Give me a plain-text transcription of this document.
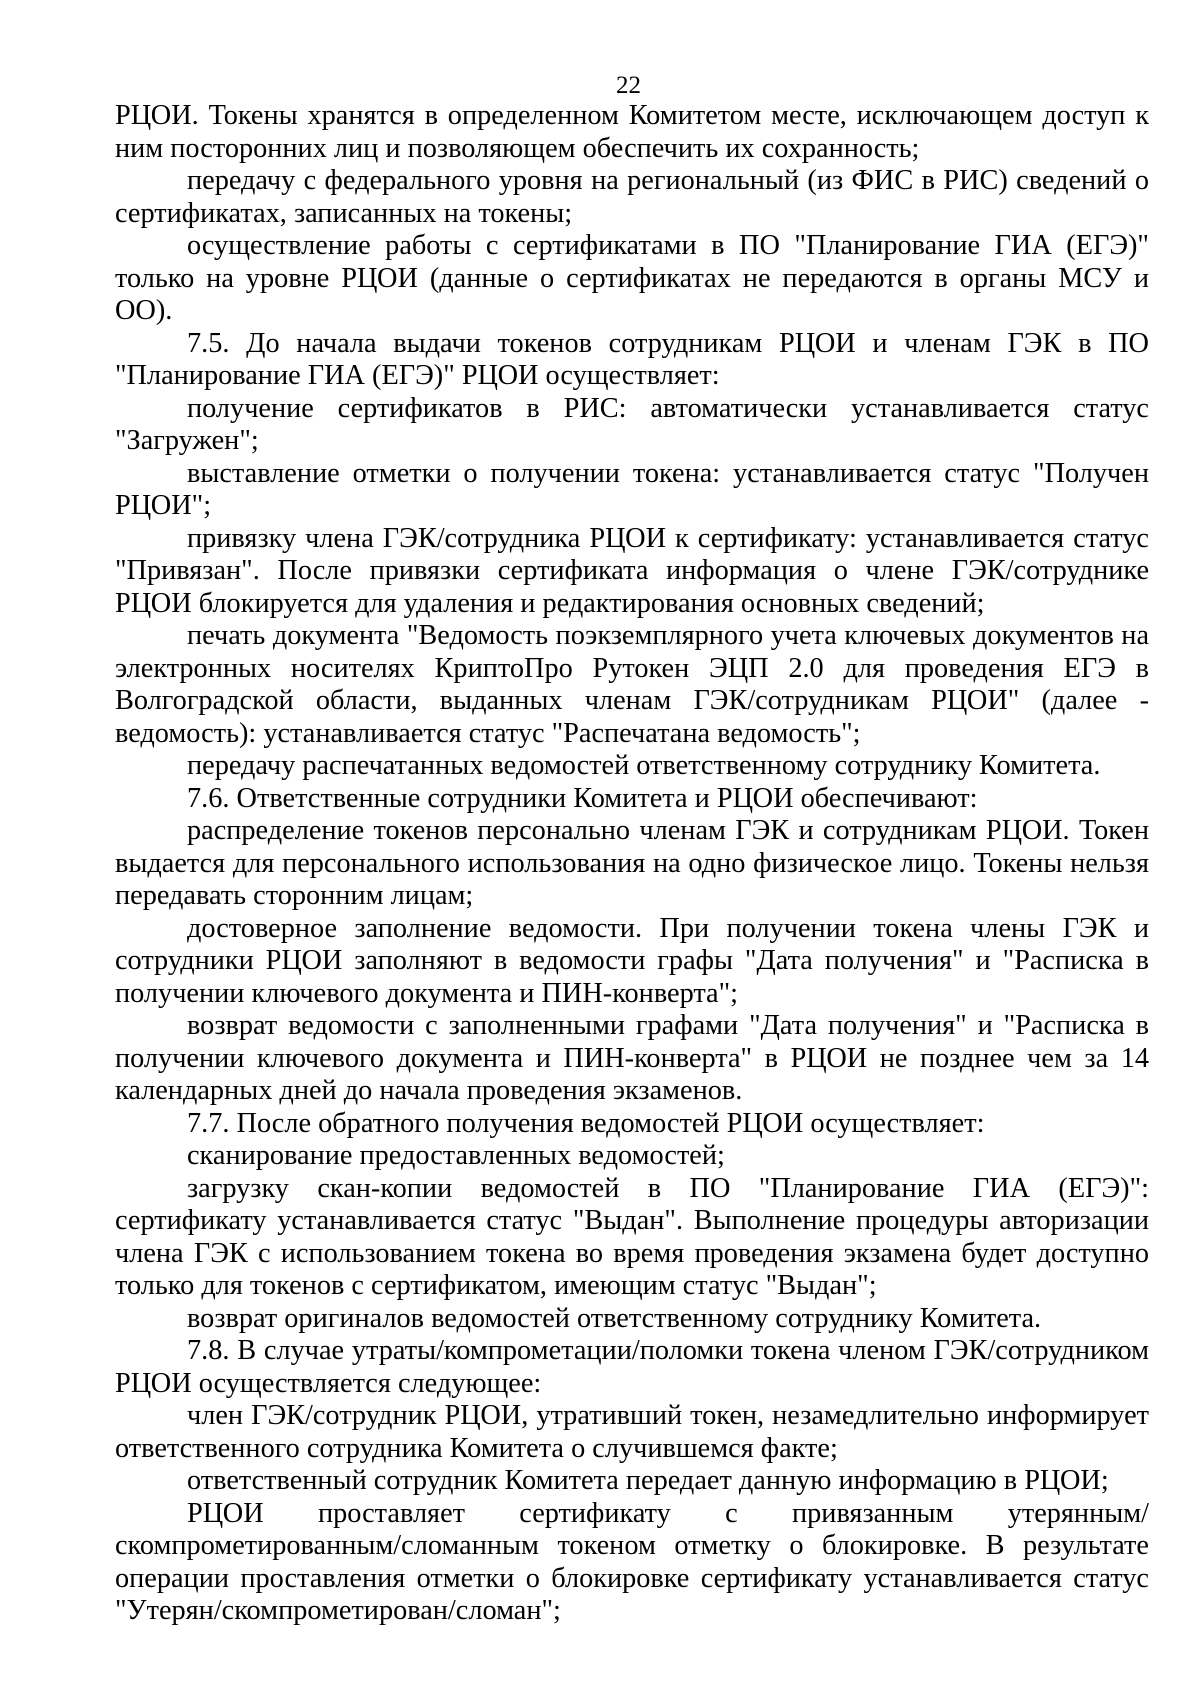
22

РЦОИ. Токены хранятся в определенном Комитетом месте, исключающем доступ к ним посторонних лиц и позволяющем обеспечить их сохранность;

передачу с федерального уровня на региональный (из ФИС в РИС) сведений о сертификатах, записанных на токены;

осуществление работы с сертификатами в ПО "Планирование ГИА (ЕГЭ)" только на уровне РЦОИ (данные о сертификатах не передаются в органы МСУ и ОО).

7.5. До начала выдачи токенов сотрудникам РЦОИ и членам ГЭК в ПО "Планирование ГИА (ЕГЭ)" РЦОИ осуществляет:

получение сертификатов в РИС: автоматически устанавливается статус "Загружен";

выставление отметки о получении токена: устанавливается статус "Получен РЦОИ";

привязку члена ГЭК/сотрудника РЦОИ к сертификату: устанавливается статус "Привязан". После привязки сертификата информация о члене ГЭК/сотруднике РЦОИ блокируется для удаления и редактирования основных сведений;

печать документа "Ведомость поэкземплярного учета ключевых документов на электронных носителях КриптоПро Рутокен ЭЦП 2.0 для проведения ЕГЭ в Волгоградской области, выданных членам ГЭК/сотрудникам РЦОИ" (далее - ведомость): устанавливается статус "Распечатана ведомость";

передачу распечатанных ведомостей ответственному сотруднику Комитета.

7.6. Ответственные сотрудники Комитета и РЦОИ обеспечивают:

распределение токенов персонально членам ГЭК и сотрудникам РЦОИ. Токен выдается для персонального использования на одно физическое лицо. Токены нельзя передавать сторонним лицам;

достоверное заполнение ведомости. При получении токена члены ГЭК и сотрудники РЦОИ заполняют в ведомости графы "Дата получения" и "Расписка в получении ключевого документа и ПИН-конверта";

возврат ведомости с заполненными графами "Дата получения" и "Расписка в получении ключевого документа и ПИН-конверта" в РЦОИ не позднее чем за 14 календарных дней до начала проведения экзаменов.

7.7. После обратного получения ведомостей РЦОИ осуществляет:

сканирование предоставленных ведомостей;

загрузку скан-копии ведомостей в ПО "Планирование ГИА (ЕГЭ)": сертификату устанавливается статус "Выдан". Выполнение процедуры авторизации члена ГЭК с использованием токена во время проведения экзамена будет доступно только для токенов с сертификатом, имеющим статус "Выдан";

возврат оригиналов ведомостей ответственному сотруднику Комитета.

7.8. В случае утраты/компрометации/поломки токена членом ГЭК/сотрудником РЦОИ осуществляется следующее:

член ГЭК/сотрудник РЦОИ, утративший токен, незамедлительно информирует ответственного сотрудника Комитета о случившемся факте;

ответственный сотрудник Комитета передает данную информацию в РЦОИ;

РЦОИ проставляет сертификату с привязанным утерянным/скомпрометированным/сломанным токеном отметку о блокировке. В результате операции проставления отметки о блокировке сертификату устанавливается статус "Утерян/скомпрометирован/сломан";
